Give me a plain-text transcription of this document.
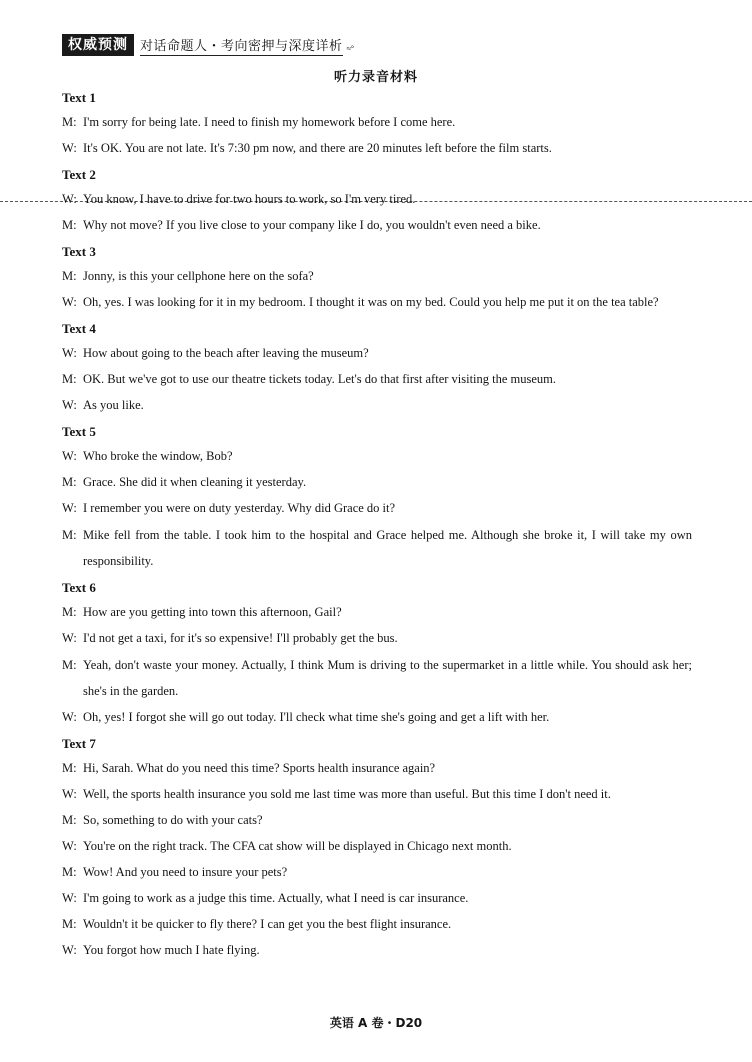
权威预测 对话命题人・考向密押与深度详析 ≈°
听力录音材料
Text 1
M: I'm sorry for being late. I need to finish my homework before I come here.
W: It's OK. You are not late. It's 7:30 pm now, and there are 20 minutes left before the film starts.
Text 2
W: You know, I have to drive for two hours to work, so I'm very tired.
M: Why not move? If you live close to your company like I do, you wouldn't even need a bike.
Text 3
M: Jonny, is this your cellphone here on the sofa?
W: Oh, yes. I was looking for it in my bedroom. I thought it was on my bed. Could you help me put it on the tea table?
Text 4
W: How about going to the beach after leaving the museum?
M: OK. But we've got to use our theatre tickets today. Let's do that first after visiting the museum.
W: As you like.
Text 5
W: Who broke the window, Bob?
M: Grace. She did it when cleaning it yesterday.
W: I remember you were on duty yesterday. Why did Grace do it?
M: Mike fell from the table. I took him to the hospital and Grace helped me. Although she broke it, I will take my own responsibility.
Text 6
M: How are you getting into town this afternoon, Gail?
W: I'd not get a taxi, for it's so expensive! I'll probably get the bus.
M: Yeah, don't waste your money. Actually, I think Mum is driving to the supermarket in a little while. You should ask her; she's in the garden.
W: Oh, yes! I forgot she will go out today. I'll check what time she's going and get a lift with her.
Text 7
M: Hi, Sarah. What do you need this time? Sports health insurance again?
W: Well, the sports health insurance you sold me last time was more than useful. But this time I don't need it.
M: So, something to do with your cats?
W: You're on the right track. The CFA cat show will be displayed in Chicago next month.
M: Wow! And you need to insure your pets?
W: I'm going to work as a judge this time. Actually, what I need is car insurance.
M: Wouldn't it be quicker to fly there? I can get you the best flight insurance.
W: You forgot how much I hate flying.
英语 A 卷・D20
